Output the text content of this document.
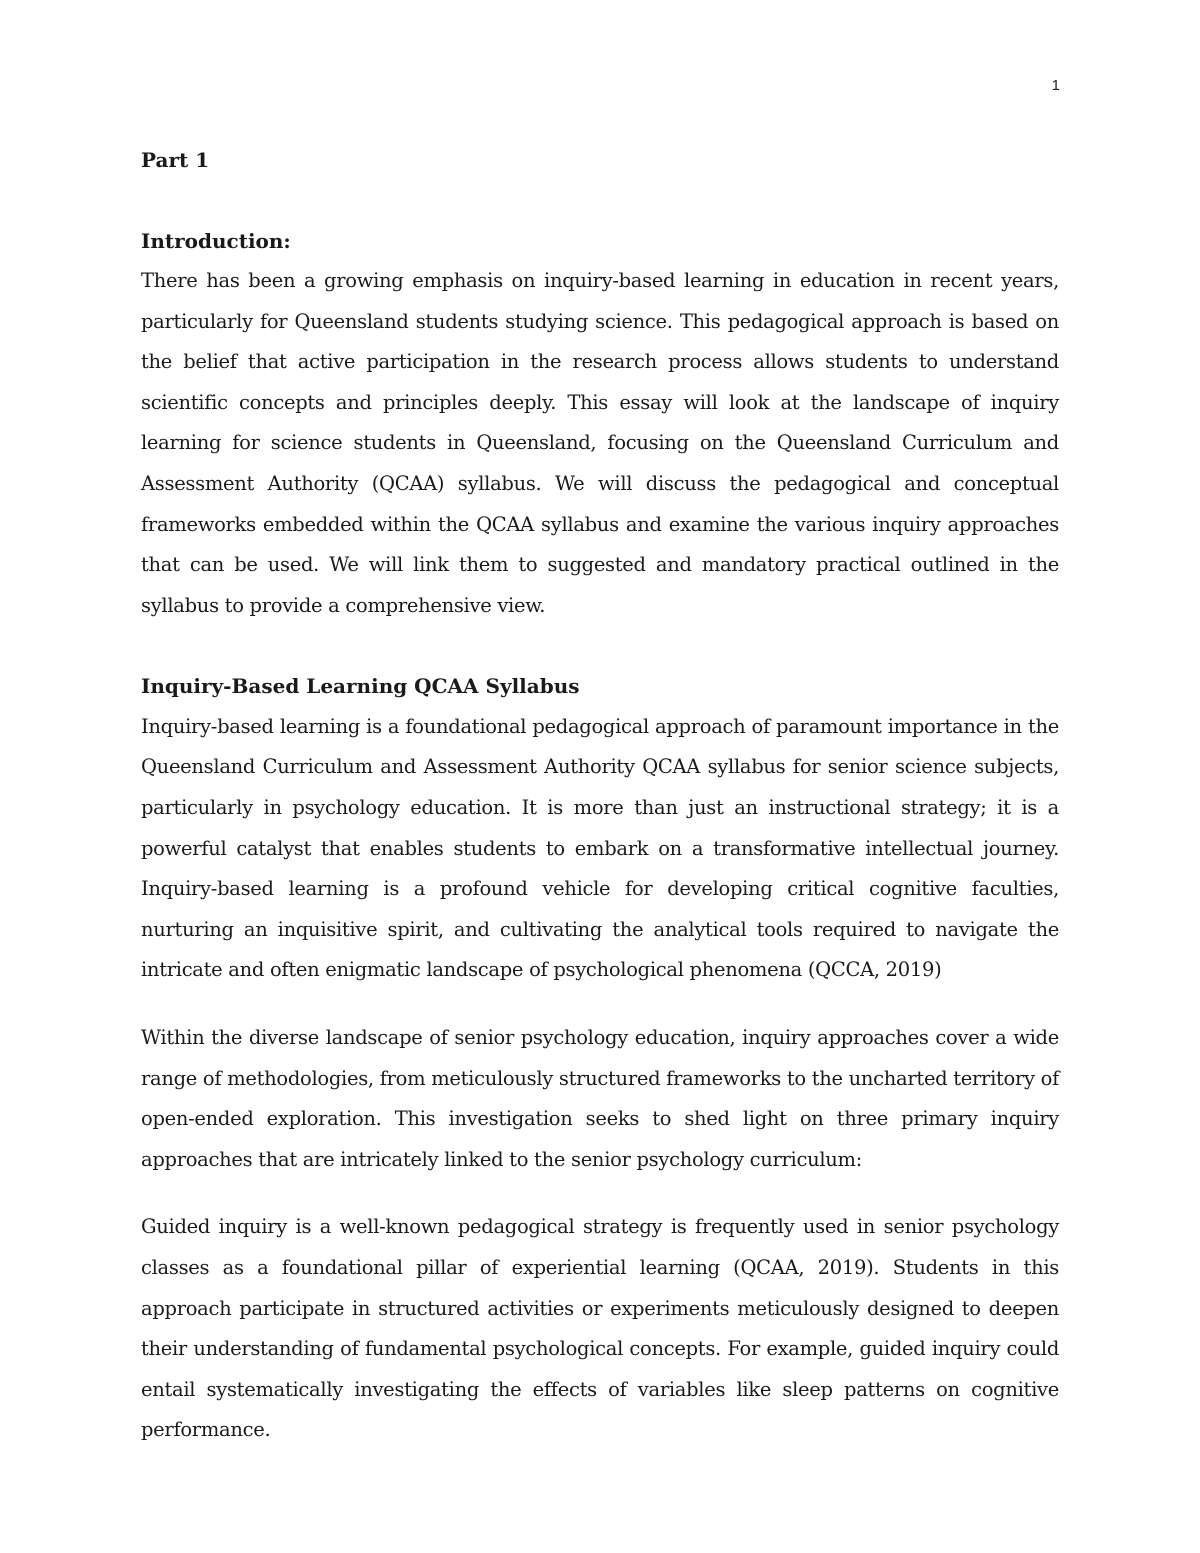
1

Part 1

Introduction:

There has been a growing emphasis on inquiry-based learning in education in recent years, particularly for Queensland students studying science. This pedagogical approach is based on the belief that active participation in the research process allows students to understand scientific concepts and principles deeply. This essay will look at the landscape of inquiry learning for science students in Queensland, focusing on the Queensland Curriculum and Assessment Authority (QCAA) syllabus. We will discuss the pedagogical and conceptual frameworks embedded within the QCAA syllabus and examine the various inquiry approaches that can be used. We will link them to suggested and mandatory practical outlined in the syllabus to provide a comprehensive view.

Inquiry-Based Learning QCAA Syllabus

Inquiry-based learning is a foundational pedagogical approach of paramount importance in the Queensland Curriculum and Assessment Authority QCAA syllabus for senior science subjects, particularly in psychology education. It is more than just an instructional strategy; it is a powerful catalyst that enables students to embark on a transformative intellectual journey. Inquiry-based learning is a profound vehicle for developing critical cognitive faculties, nurturing an inquisitive spirit, and cultivating the analytical tools required to navigate the intricate and often enigmatic landscape of psychological phenomena (QCCA, 2019)

Within the diverse landscape of senior psychology education, inquiry approaches cover a wide range of methodologies, from meticulously structured frameworks to the uncharted territory of open-ended exploration. This investigation seeks to shed light on three primary inquiry approaches that are intricately linked to the senior psychology curriculum:

Guided inquiry is a well-known pedagogical strategy is frequently used in senior psychology classes as a foundational pillar of experiential learning (QCAA, 2019). Students in this approach participate in structured activities or experiments meticulously designed to deepen their understanding of fundamental psychological concepts. For example, guided inquiry could entail systematically investigating the effects of variables like sleep patterns on cognitive performance.
